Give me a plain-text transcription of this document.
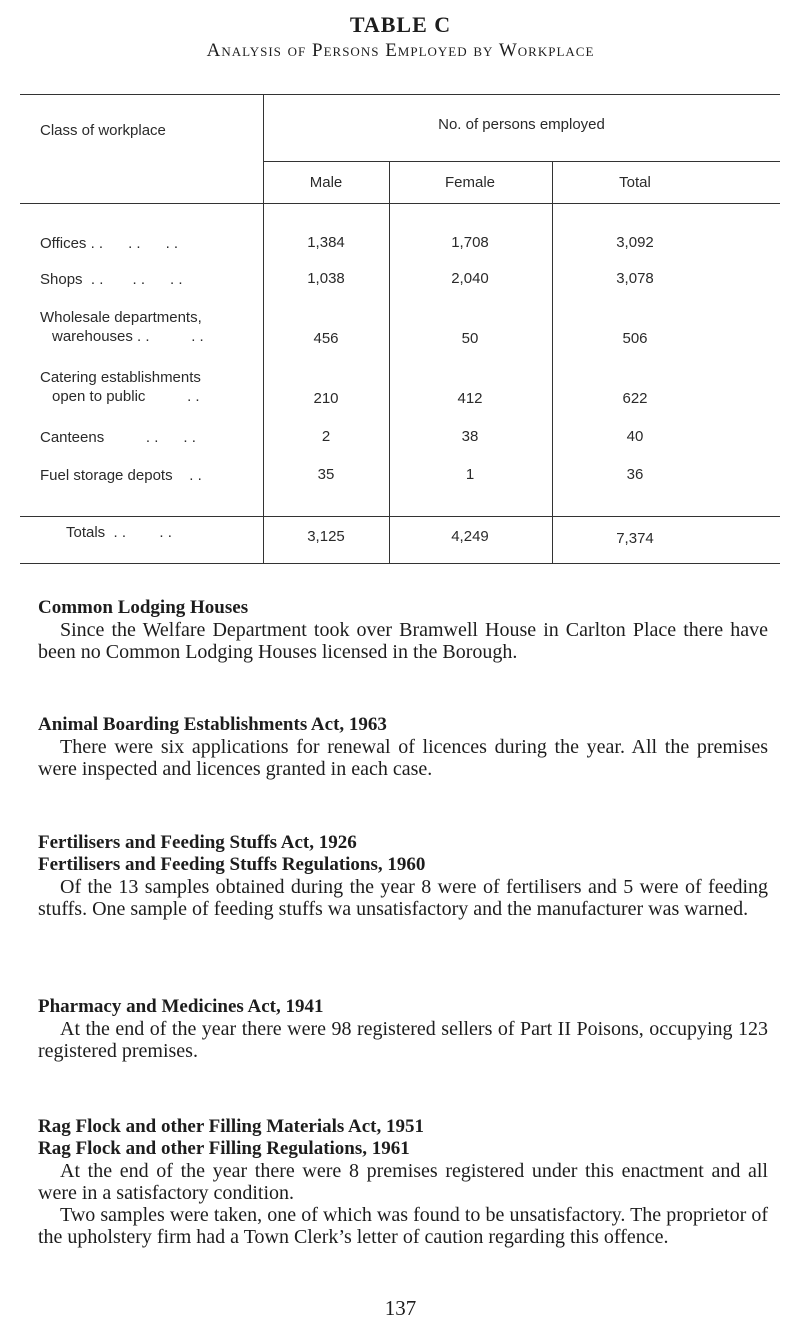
TABLE C
Analysis of Persons Employed by Workplace
Class of workplace	No. of persons employed
Male	Female	Total
Offices . .      . .      . .	1,384	1,708	3,092
Shops  . .       . .      . .	1,038	2,040	3,078
Wholesale departments,
warehouses . .          . .	456	50	506
Catering establishments
open to public          . .	210	412	622
Canteens          . .      . .	2	38	40
Fuel storage depots    . .	35	1	36
Totals  . .        . .	3,125	4,249	7,374
Common Lodging Houses
Since the Welfare Department took over Bramwell House in Carlton Place there have been no Common Lodging Houses licensed in the Borough.
Animal Boarding Establishments Act, 1963
There were six applications for renewal of licences during the year. All the premises were inspected and licences granted in each case.
Fertilisers and Feeding Stuffs Act, 1926
Fertilisers and Feeding Stuffs Regulations, 1960
Of the 13 samples obtained during the year 8 were of fertilisers and 5 were of feeding stuffs. One sample of feeding stuffs wa unsatisfactory and the manufacturer was warned.
Pharmacy and Medicines Act, 1941
At the end of the year there were 98 registered sellers of Part II Poisons, occupying 123 registered premises.
Rag Flock and other Filling Materials Act, 1951
Rag Flock and other Filling Regulations, 1961
At the end of the year there were 8 premises registered under this enactment and all were in a satisfactory condition.
Two samples were taken, one of which was found to be unsatisfactory. The proprietor of the upholstery firm had a Town Clerk’s letter of caution regarding this offence.
137
